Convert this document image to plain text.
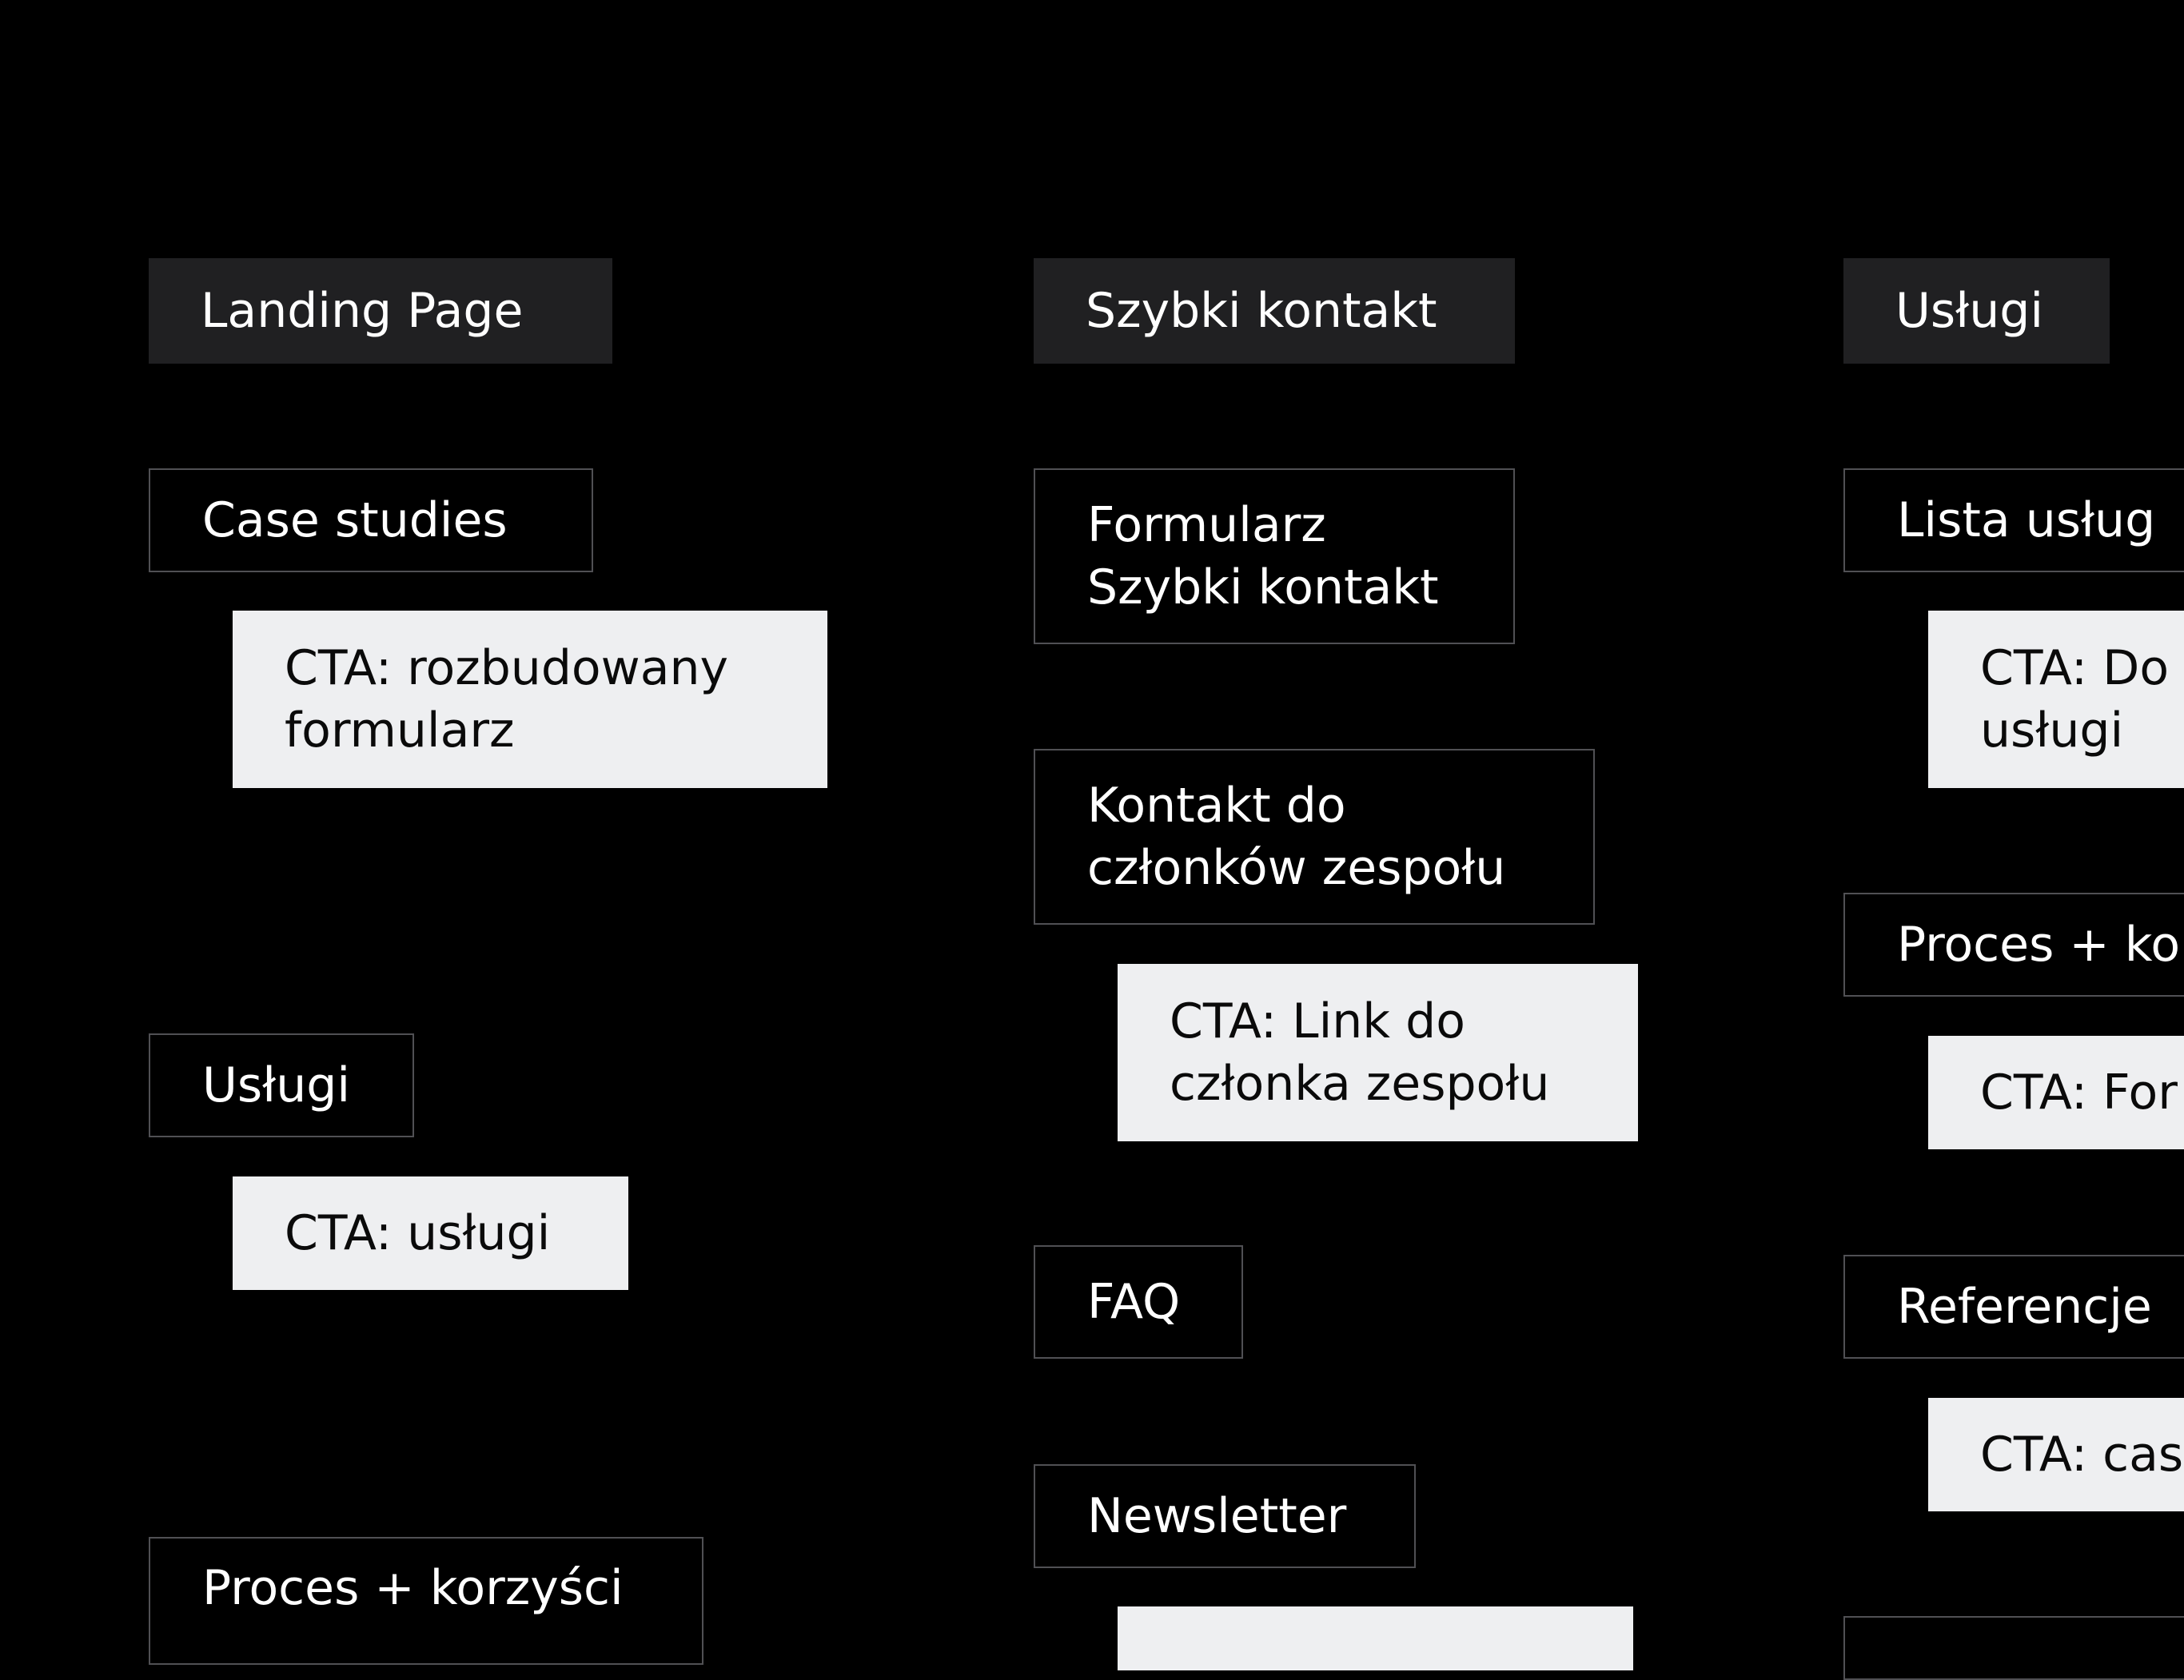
Landing Page
Case studies
CTA: rozbudowany
formularz
Usługi
CTA: usługi
Proces + korzyści
Szybki kontakt
Formularz
Szybki kontakt
Kontakt do
członków zespołu
CTA: Link do
członka zespołu
FAQ
Newsletter
Usługi
Lista usług
CTA: Do
usługi
Proces + ko
CTA: For
Referencje
CTA: cas
